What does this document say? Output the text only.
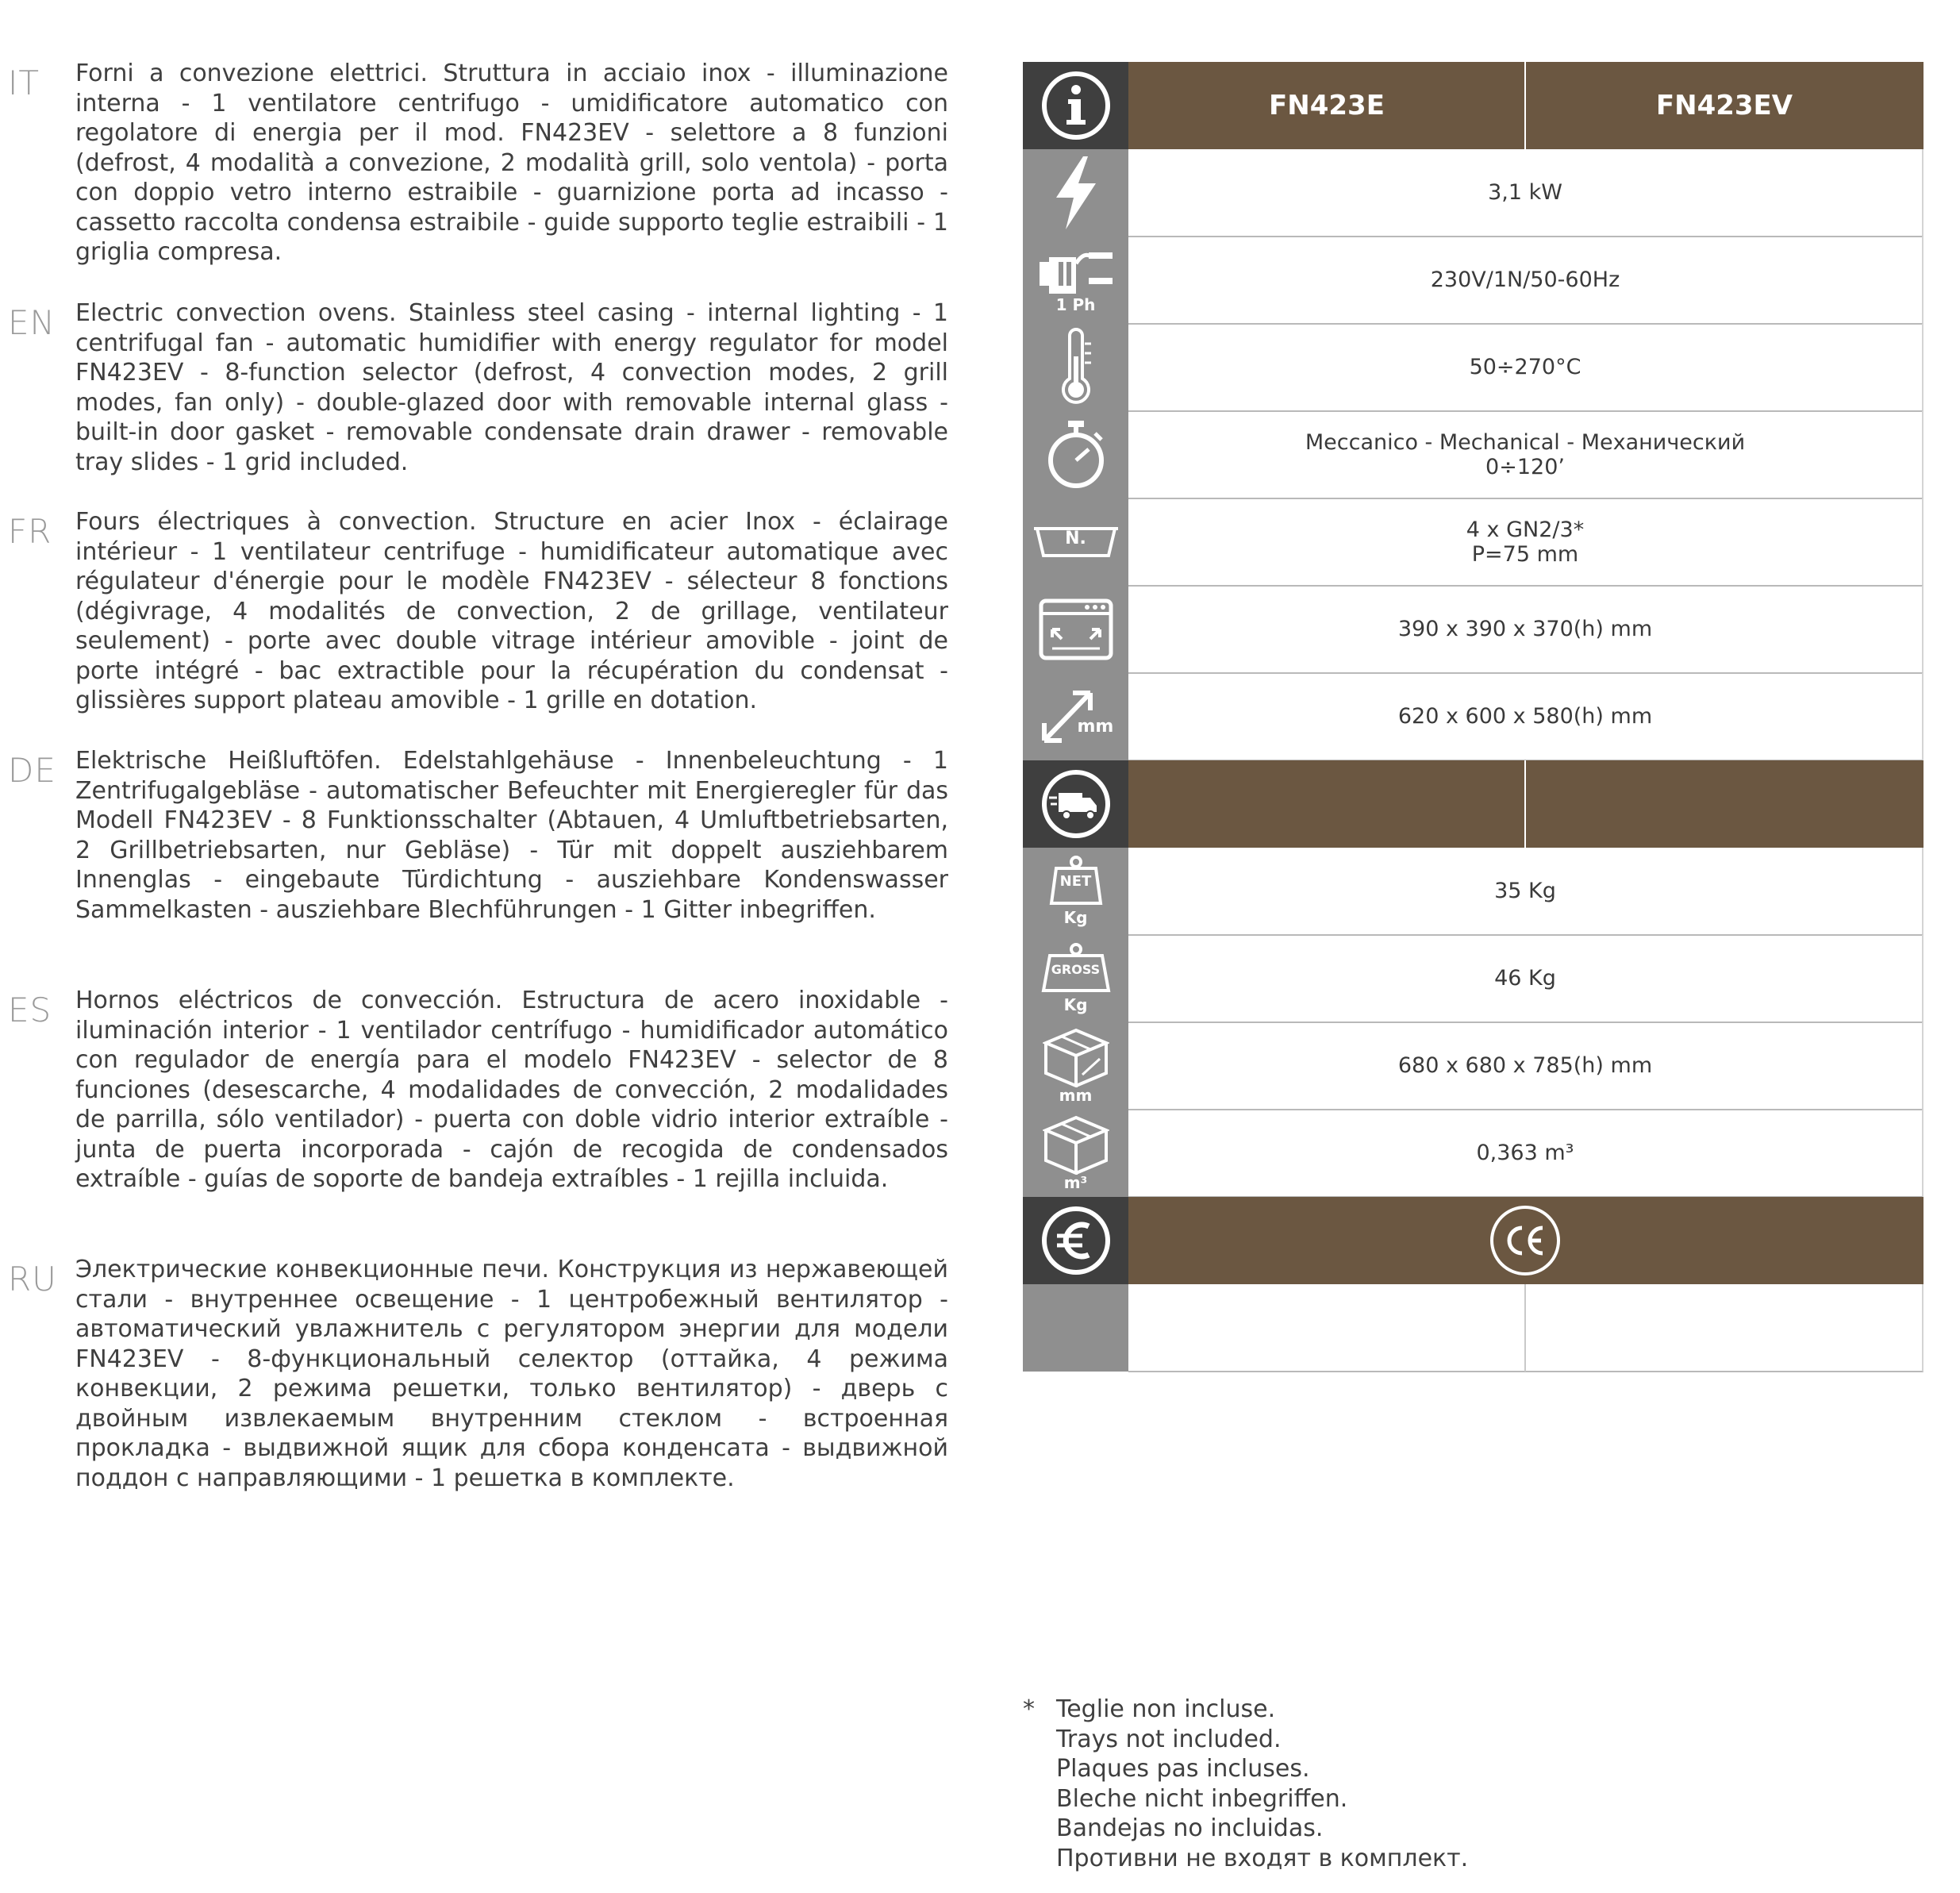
IT Forni a convezione elettrici. Struttura in acciaio inox - illuminazione interna - 1 ventilatore centrifugo - umidificatore automatico con regolatore di energia per il mod. FN423EV - selettore a 8 funzioni (defrost, 4 modalità a convezione, 2 modalità grill, solo ventola) - porta con doppio vetro interno estraibile - guarnizione porta ad incasso - cassetto raccolta condensa estraibile - guide supporto teglie estraibili - 1 griglia compresa.
EN Electric convection ovens. Stainless steel casing - internal lighting - 1 centrifugal fan - automatic humidifier with energy regulator for model FN423EV - 8-function selector (defrost, 4 convection modes, 2 grill modes, fan only) - double-glazed door with removable internal glass - built-in door gasket - removable condensate drain drawer - removable tray slides - 1 grid included.
FR Fours électriques à convection. Structure en acier Inox - éclairage intérieur - 1 ventilateur centrifuge - humidificateur automatique avec régulateur d'énergie pour le modèle FN423EV - sélecteur 8 fonctions (dégivrage, 4 modalités de convection, 2 de grillage, ventilateur seulement) - porte avec double vitrage intérieur amovible - joint de porte intégré - bac extractible pour la récupération du condensat - glissières support plateau amovible - 1 grille en dotation.
DE Elektrische Heißluftöfen. Edelstahlgehäuse - Innenbeleuchtung - 1 Zentrifugalgebläse - automatischer Befeuchter mit Energieregler für das Modell FN423EV - 8 Funktionsschalter (Abtauen, 4 Umluftbetriebsarten, 2 Grillbetriebsarten, nur Gebläse) - Tür mit doppelt ausziehbarem Innenglas - eingebaute Türdichtung - ausziehbare Kondenswasser Sammelkasten - ausziehbare Blechführungen - 1 Gitter inbegriffen.
ES Hornos eléctricos de convección. Estructura de acero inoxidable - iluminación interior - 1 ventilador centrífugo - humidificador automático con regulador de energía para el modelo FN423EV - selector de 8 funciones (desescarche, 4 modalidades de convección, 2 modalidades de parrilla, sólo ventilador) - puerta con doble vidrio interior extraíble - junta de puerta incorporada - cajón de recogida de condensados extraíble - guías de soporte de bandeja extraíbles - 1 rejilla incluida.
RU Электрические конвекционные печи. Конструкция из нержавеющей стали - внутреннее освещение - 1 центробежный вентилятор - автоматический увлажнитель с регулятором энергии для модели FN423EV - 8-функциональный селектор (оттайка, 4 режима конвекции, 2 режима решетки, только вентилятор) - дверь с двойным извлекаемым внутренним стеклом - встроенная прокладка - выдвижной ящик для сбора конденсата - выдвижной поддон с направляющими - 1 решетка в комплекте.
FN423E	FN423EV
3,1 kW
1 Ph
230V/1N/50-60Hz
50÷270°C
Meccanico - Mechanical - Механический
0÷120’
N.	4 x GN2/3*
P=75 mm
390 x 390 x 370(h) mm
mm	620 x 600 x 580(h) mm
NET
Kg
35 Kg
GROSS
Kg
46 Kg
mm
680 x 680 x 785(h) mm
m³
0,363 m³
* Teglie non incluse.
Trays not included.
Plaques pas incluses.
Bleche nicht inbegriffen.
Bandejas no incluidas.
Противни не входят в комплект.
